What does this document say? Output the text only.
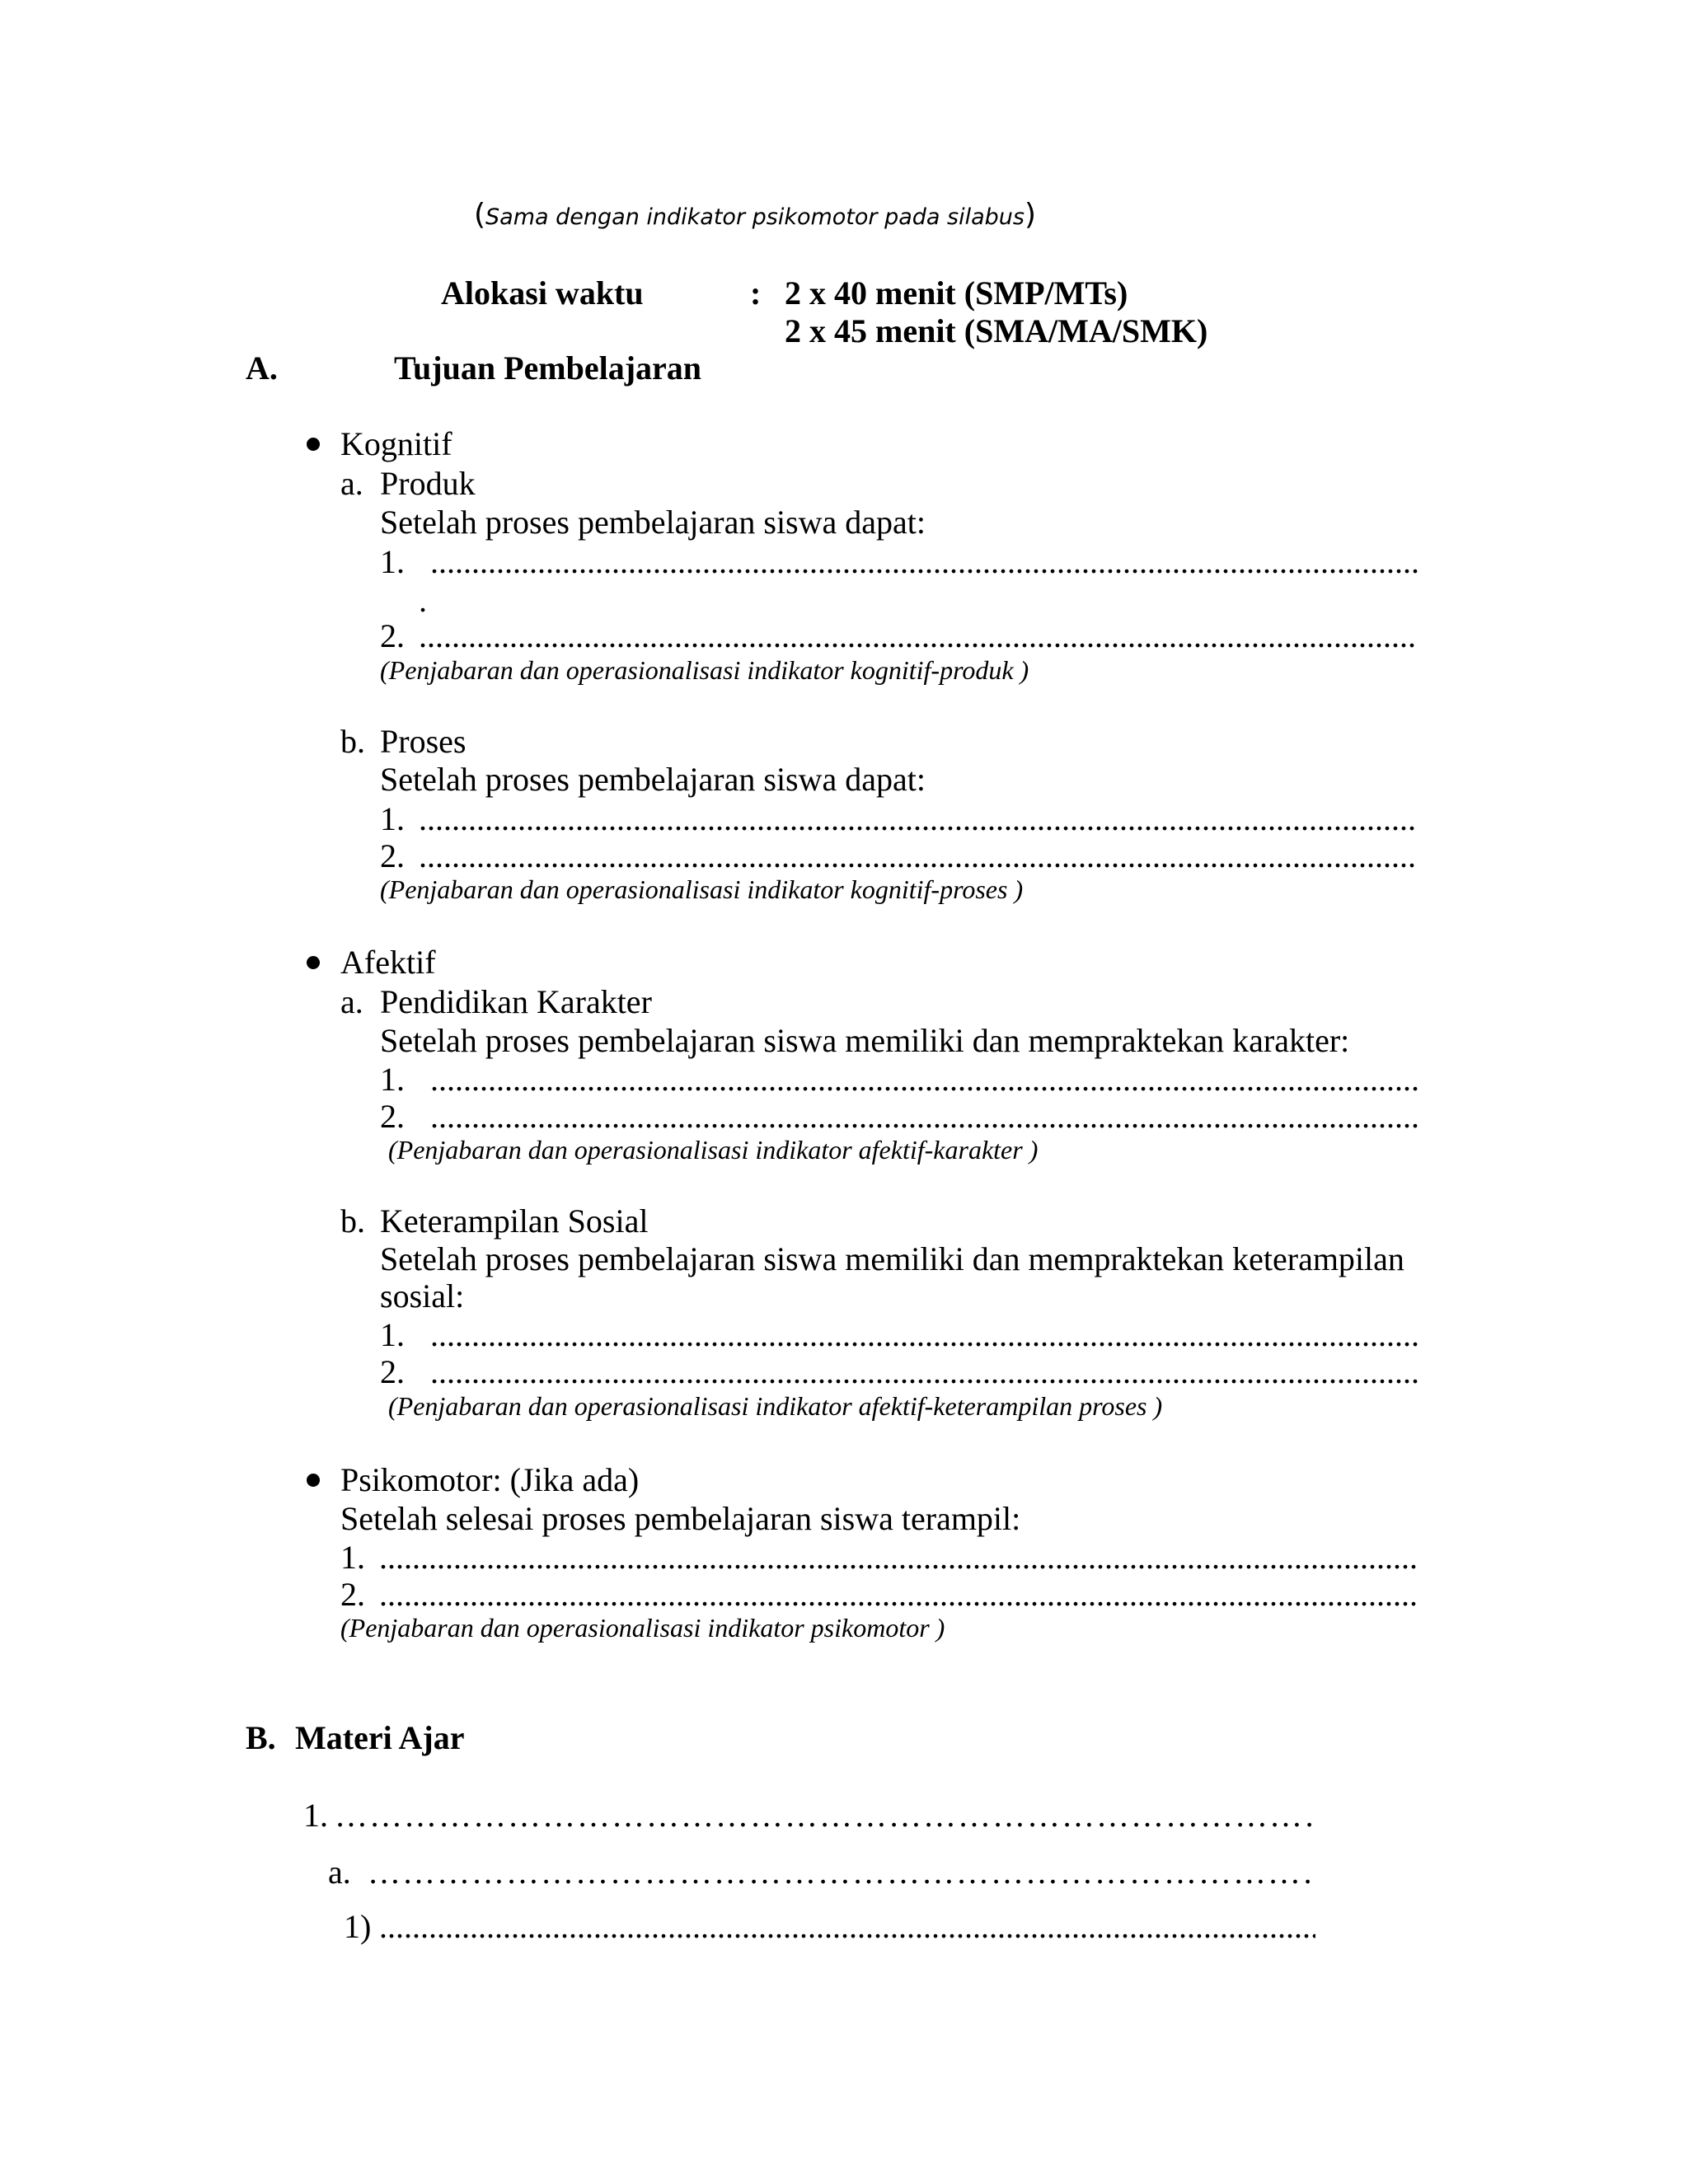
(Sama dengan indikator psikomotor pada silabus)
Alokasi waktu	: 2 x 40 menit (SMP/MTs)
2 x 45 menit (SMA/MA/SMK)
A.	Tujuan Pembelajaran
Kognitif
a. Produk
Setelah proses pembelajaran siswa dapat:
1.
.....
.
2.
.....
(Penjabaran dan operasionalisasi indikator kognitif-produk )
b. Proses
Setelah proses pembelajaran siswa dapat:
1.
.....
2.
.....
(Penjabaran dan operasionalisasi indikator kognitif-proses )
Afektif
a. Pendidikan Karakter
Setelah proses pembelajaran siswa memiliki dan mempraktekan karakter:
1.
.....
2.
.....
(Penjabaran dan operasionalisasi indikator afektif-karakter )
b. Keterampilan Sosial
Setelah proses pembelajaran siswa memiliki dan mempraktekan keterampilan
sosial:
1.
.....
2.
.....
(Penjabaran dan operasionalisasi indikator afektif-keterampilan proses )
Psikomotor: (Jika ada)
Setelah selesai proses pembelajaran siswa terampil:
1.
.....
2.
.....
(Penjabaran dan operasionalisasi indikator psikomotor )
B. Materi Ajar
1.
……………………………………………………………………………………………………………………………………………………
a.
……………………………………………………………………………………………………………………………………………………
1)
.....
